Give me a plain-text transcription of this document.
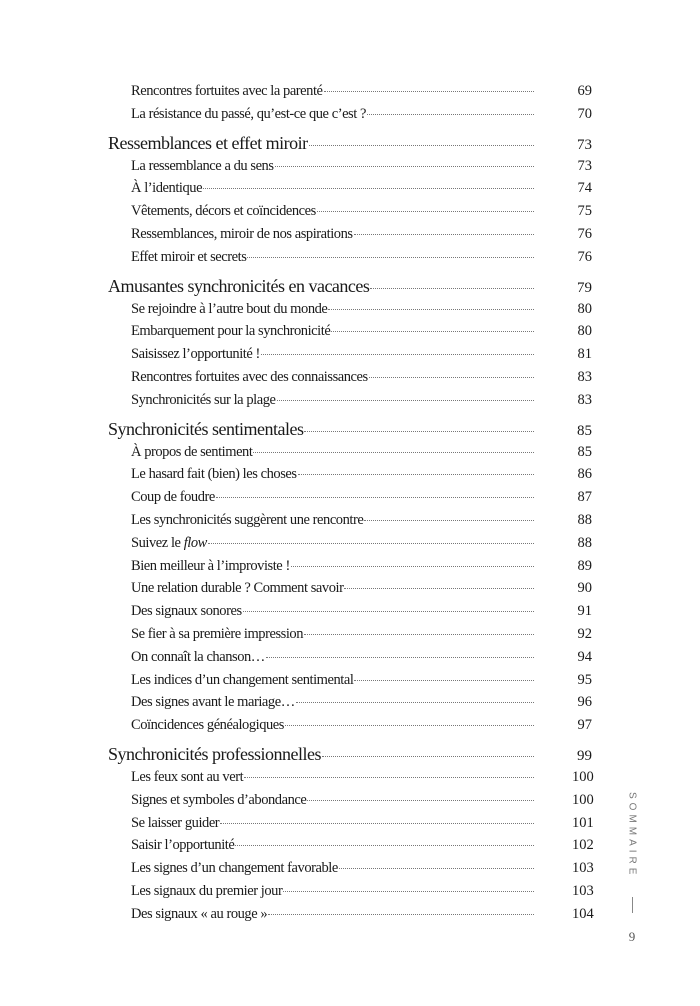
Rencontres fortuites avec la parenté	69
La résistance du passé, qu’est-ce que c’est ?	70
Ressemblances et effet miroir	73
La ressemblance a du sens	73
À l’identique	74
Vêtements, décors et coïncidences	75
Ressemblances, miroir de nos aspirations	76
Effet miroir et secrets	76
Amusantes synchronicités en vacances	79
Se rejoindre à l’autre bout du monde	80
Embarquement pour la synchronicité	80
Saisissez l’opportunité !	81
Rencontres fortuites avec des connaissances	83
Synchronicités sur la plage	83
Synchronicités sentimentales	85
À propos de sentiment	85
Le hasard fait (bien) les choses	86
Coup de foudre	87
Les synchronicités suggèrent une rencontre	88
Suivez le flow	88
Bien meilleur à l’improviste !	89
Une relation durable ? Comment savoir	90
Des signaux sonores	91
Se fier à sa première impression	92
On connaît la chanson…	94
Les indices d’un changement sentimental	95
Des signes avant le mariage…	96
Coïncidences généalogiques	97
Synchronicités professionnelles	99
Les feux sont au vert	100
Signes et symboles d’abondance	100
Se laisser guider	101
Saisir l’opportunité	102
Les signes d’un changement favorable	103
Les signaux du premier jour	103
Des signaux « au rouge »	104
SOMMAIRE
9
